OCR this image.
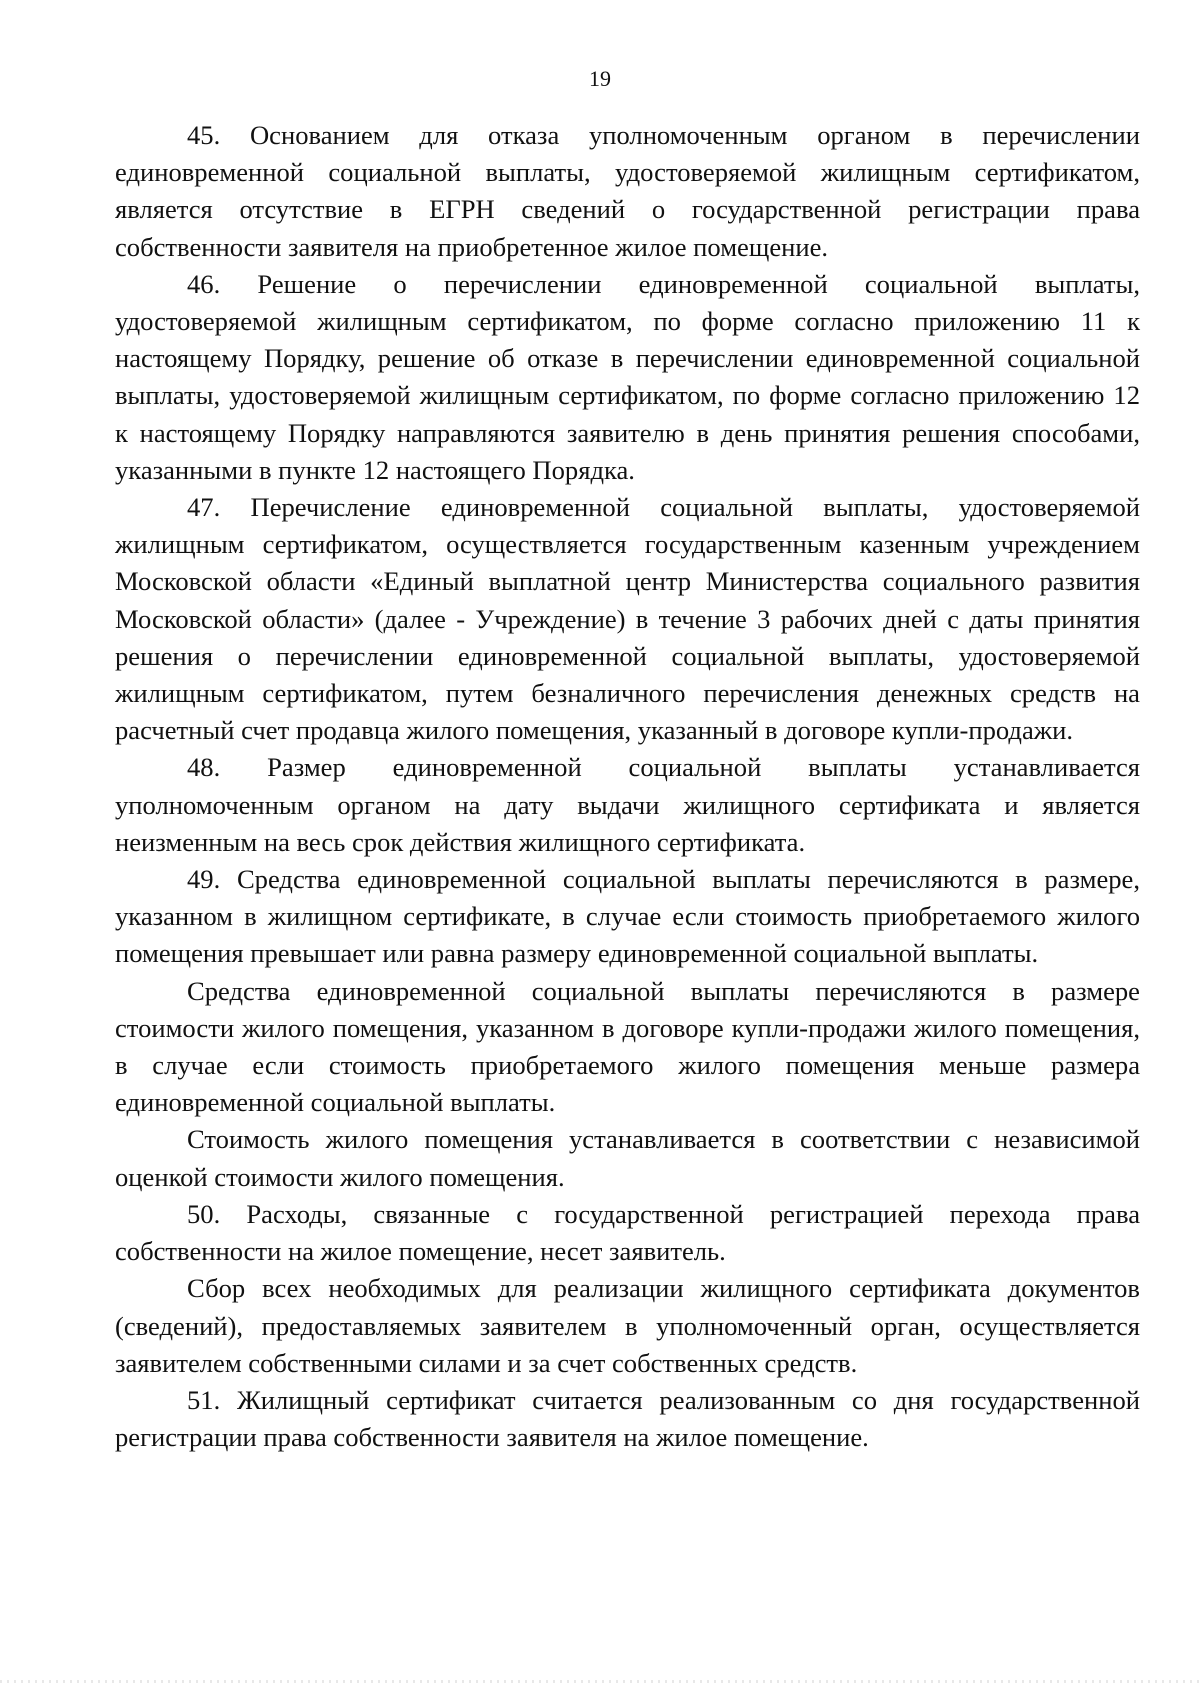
19

45. Основанием для отказа уполномоченным органом в перечислении единовременной социальной выплаты, удостоверяемой жилищным сертификатом, является отсутствие в ЕГРН сведений о государственной регистрации права собственности заявителя на приобретенное жилое помещение.

46. Решение о перечислении единовременной социальной выплаты, удостоверяемой жилищным сертификатом, по форме согласно приложению 11 к настоящему Порядку, решение об отказе в перечислении единовременной социальной выплаты, удостоверяемой жилищным сертификатом, по форме согласно приложению 12 к настоящему Порядку направляются заявителю в день принятия решения способами, указанными в пункте 12 настоящего Порядка.

47. Перечисление единовременной социальной выплаты, удостоверяемой жилищным сертификатом, осуществляется государственным казенным учреждением Московской области «Единый выплатной центр Министерства социального развития Московской области» (далее - Учреждение) в течение 3 рабочих дней с даты принятия решения о перечислении единовременной социальной выплаты, удостоверяемой жилищным сертификатом, путем безналичного перечисления денежных средств на расчетный счет продавца жилого помещения, указанный в договоре купли-продажи.

48. Размер единовременной социальной выплаты устанавливается уполномоченным органом на дату выдачи жилищного сертификата и является неизменным на весь срок действия жилищного сертификата.

49. Средства единовременной социальной выплаты перечисляются в размере, указанном в жилищном сертификате, в случае если стоимость приобретаемого жилого помещения превышает или равна размеру единовременной социальной выплаты.

Средства единовременной социальной выплаты перечисляются в размере стоимости жилого помещения, указанном в договоре купли-продажи жилого помещения, в случае если стоимость приобретаемого жилого помещения меньше размера единовременной социальной выплаты.

Стоимость жилого помещения устанавливается в соответствии с независимой оценкой стоимости жилого помещения.

50. Расходы, связанные с государственной регистрацией перехода права собственности на жилое помещение, несет заявитель.

Сбор всех необходимых для реализации жилищного сертификата документов (сведений), предоставляемых заявителем в уполномоченный орган, осуществляется заявителем собственными силами и за счет собственных средств.

51. Жилищный сертификат считается реализованным со дня государственной регистрации права собственности заявителя на жилое помещение.
